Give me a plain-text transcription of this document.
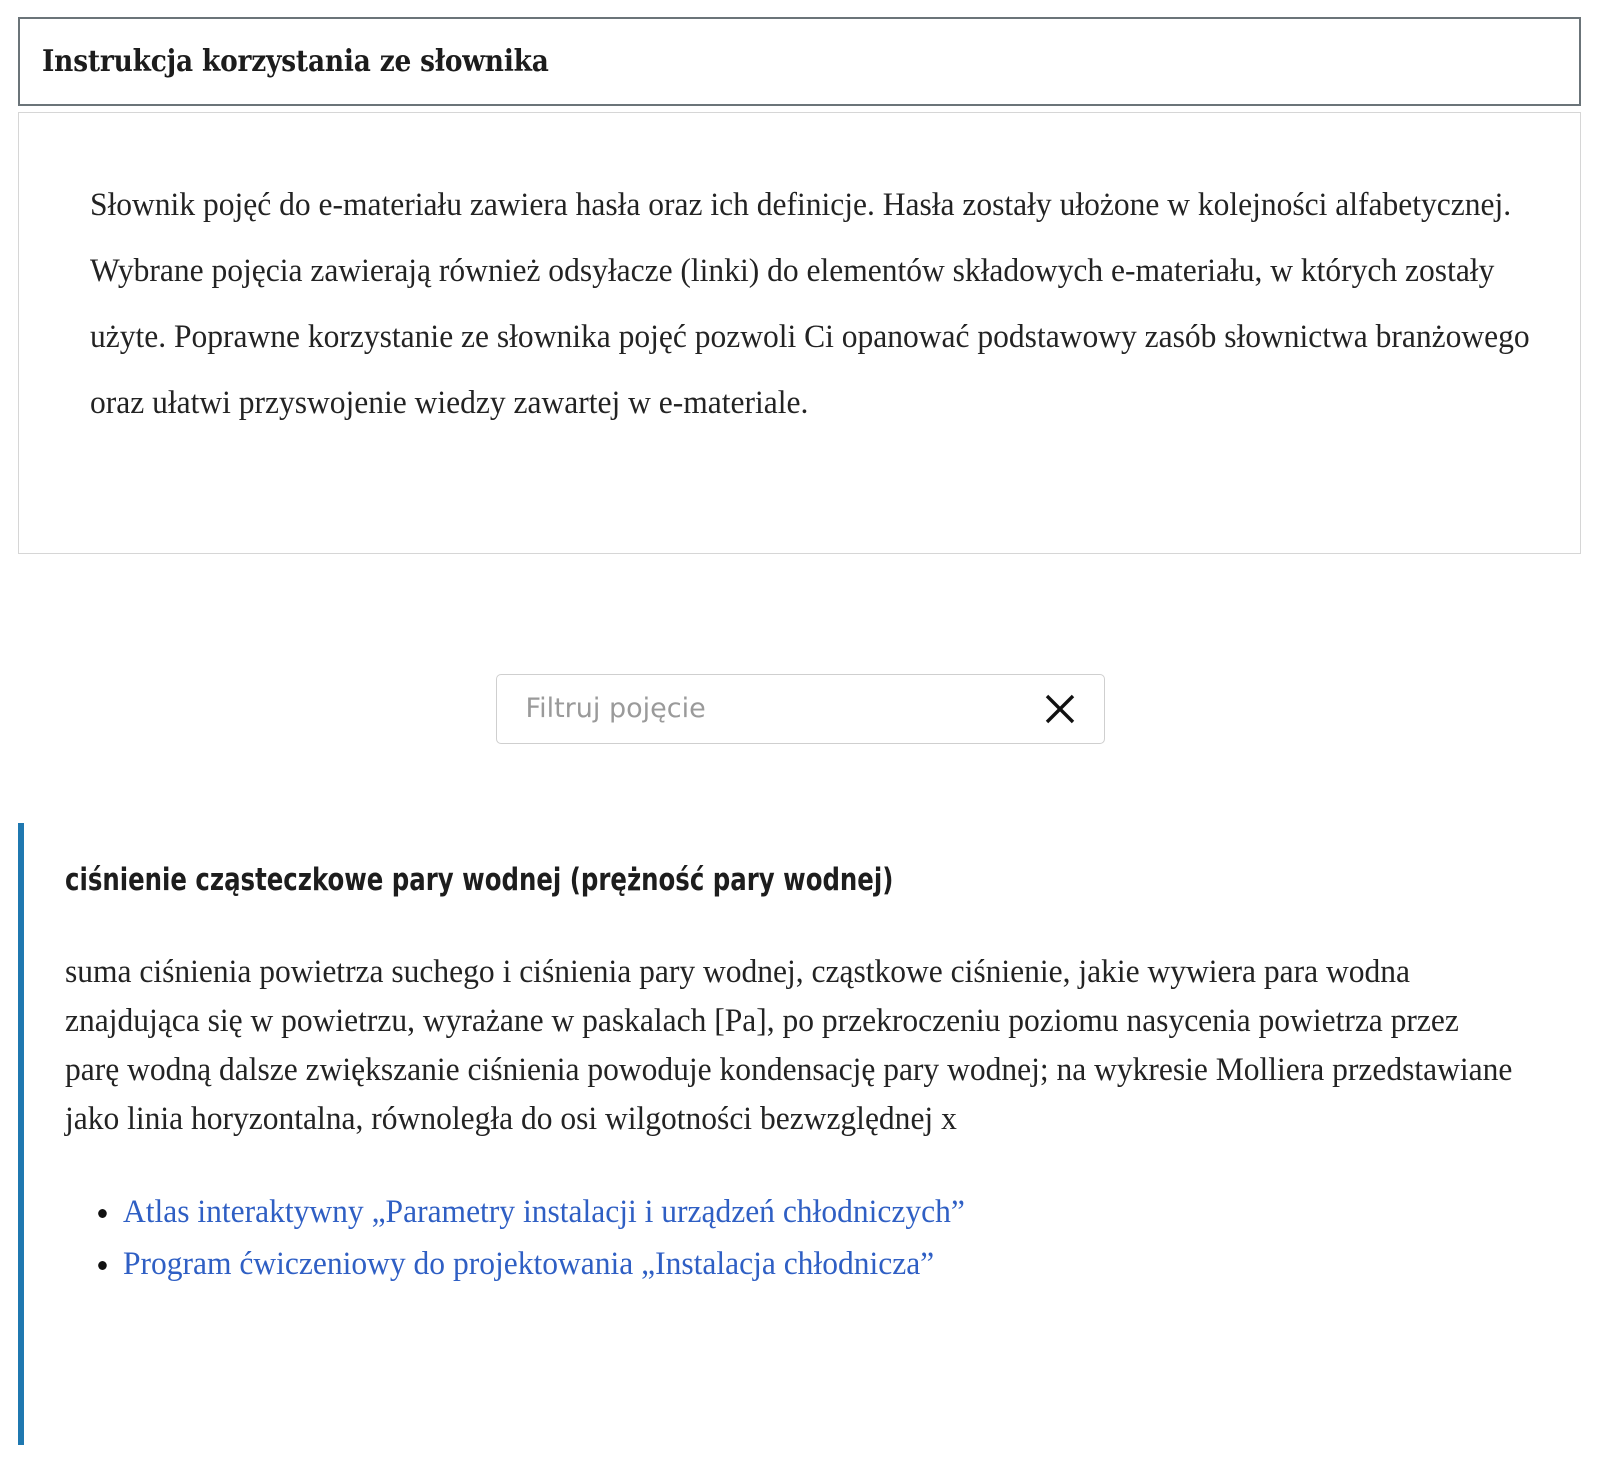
Instrukcja korzystania ze słownika

Słownik pojęć do e-materiału zawiera hasła oraz ich definicje. Hasła zostały ułożone w kolejności alfabetycznej. Wybrane pojęcia zawierają również odsyłacze (linki) do elementów składowych e-materiału, w których zostały użyte. Poprawne korzystanie ze słownika pojęć pozwoli Ci opanować podstawowy zasób słownictwa branżowego oraz ułatwi przyswojenie wiedzy zawartej w e-materiale.

Filtruj pojęcie
ciśnienie cząsteczkowe pary wodnej (prężność pary wodnej)

suma ciśnienia powietrza suchego i ciśnienia pary wodnej, cząstkowe ciśnienie, jakie wywiera para wodna znajdująca się w powietrzu, wyrażane w paskalach [Pa], po przekroczeniu poziomu nasycenia powietrza przez parę wodną dalsze zwiększanie ciśnienia powoduje kondensację pary wodnej; na wykresie Molliera przedstawiane jako linia horyzontalna, równoległa do osi wilgotności bezwzględnej x

Atlas interaktywny „Parametry instalacji i urządzeń chłodniczych”
Program ćwiczeniowy do projektowania „Instalacja chłodnicza”
